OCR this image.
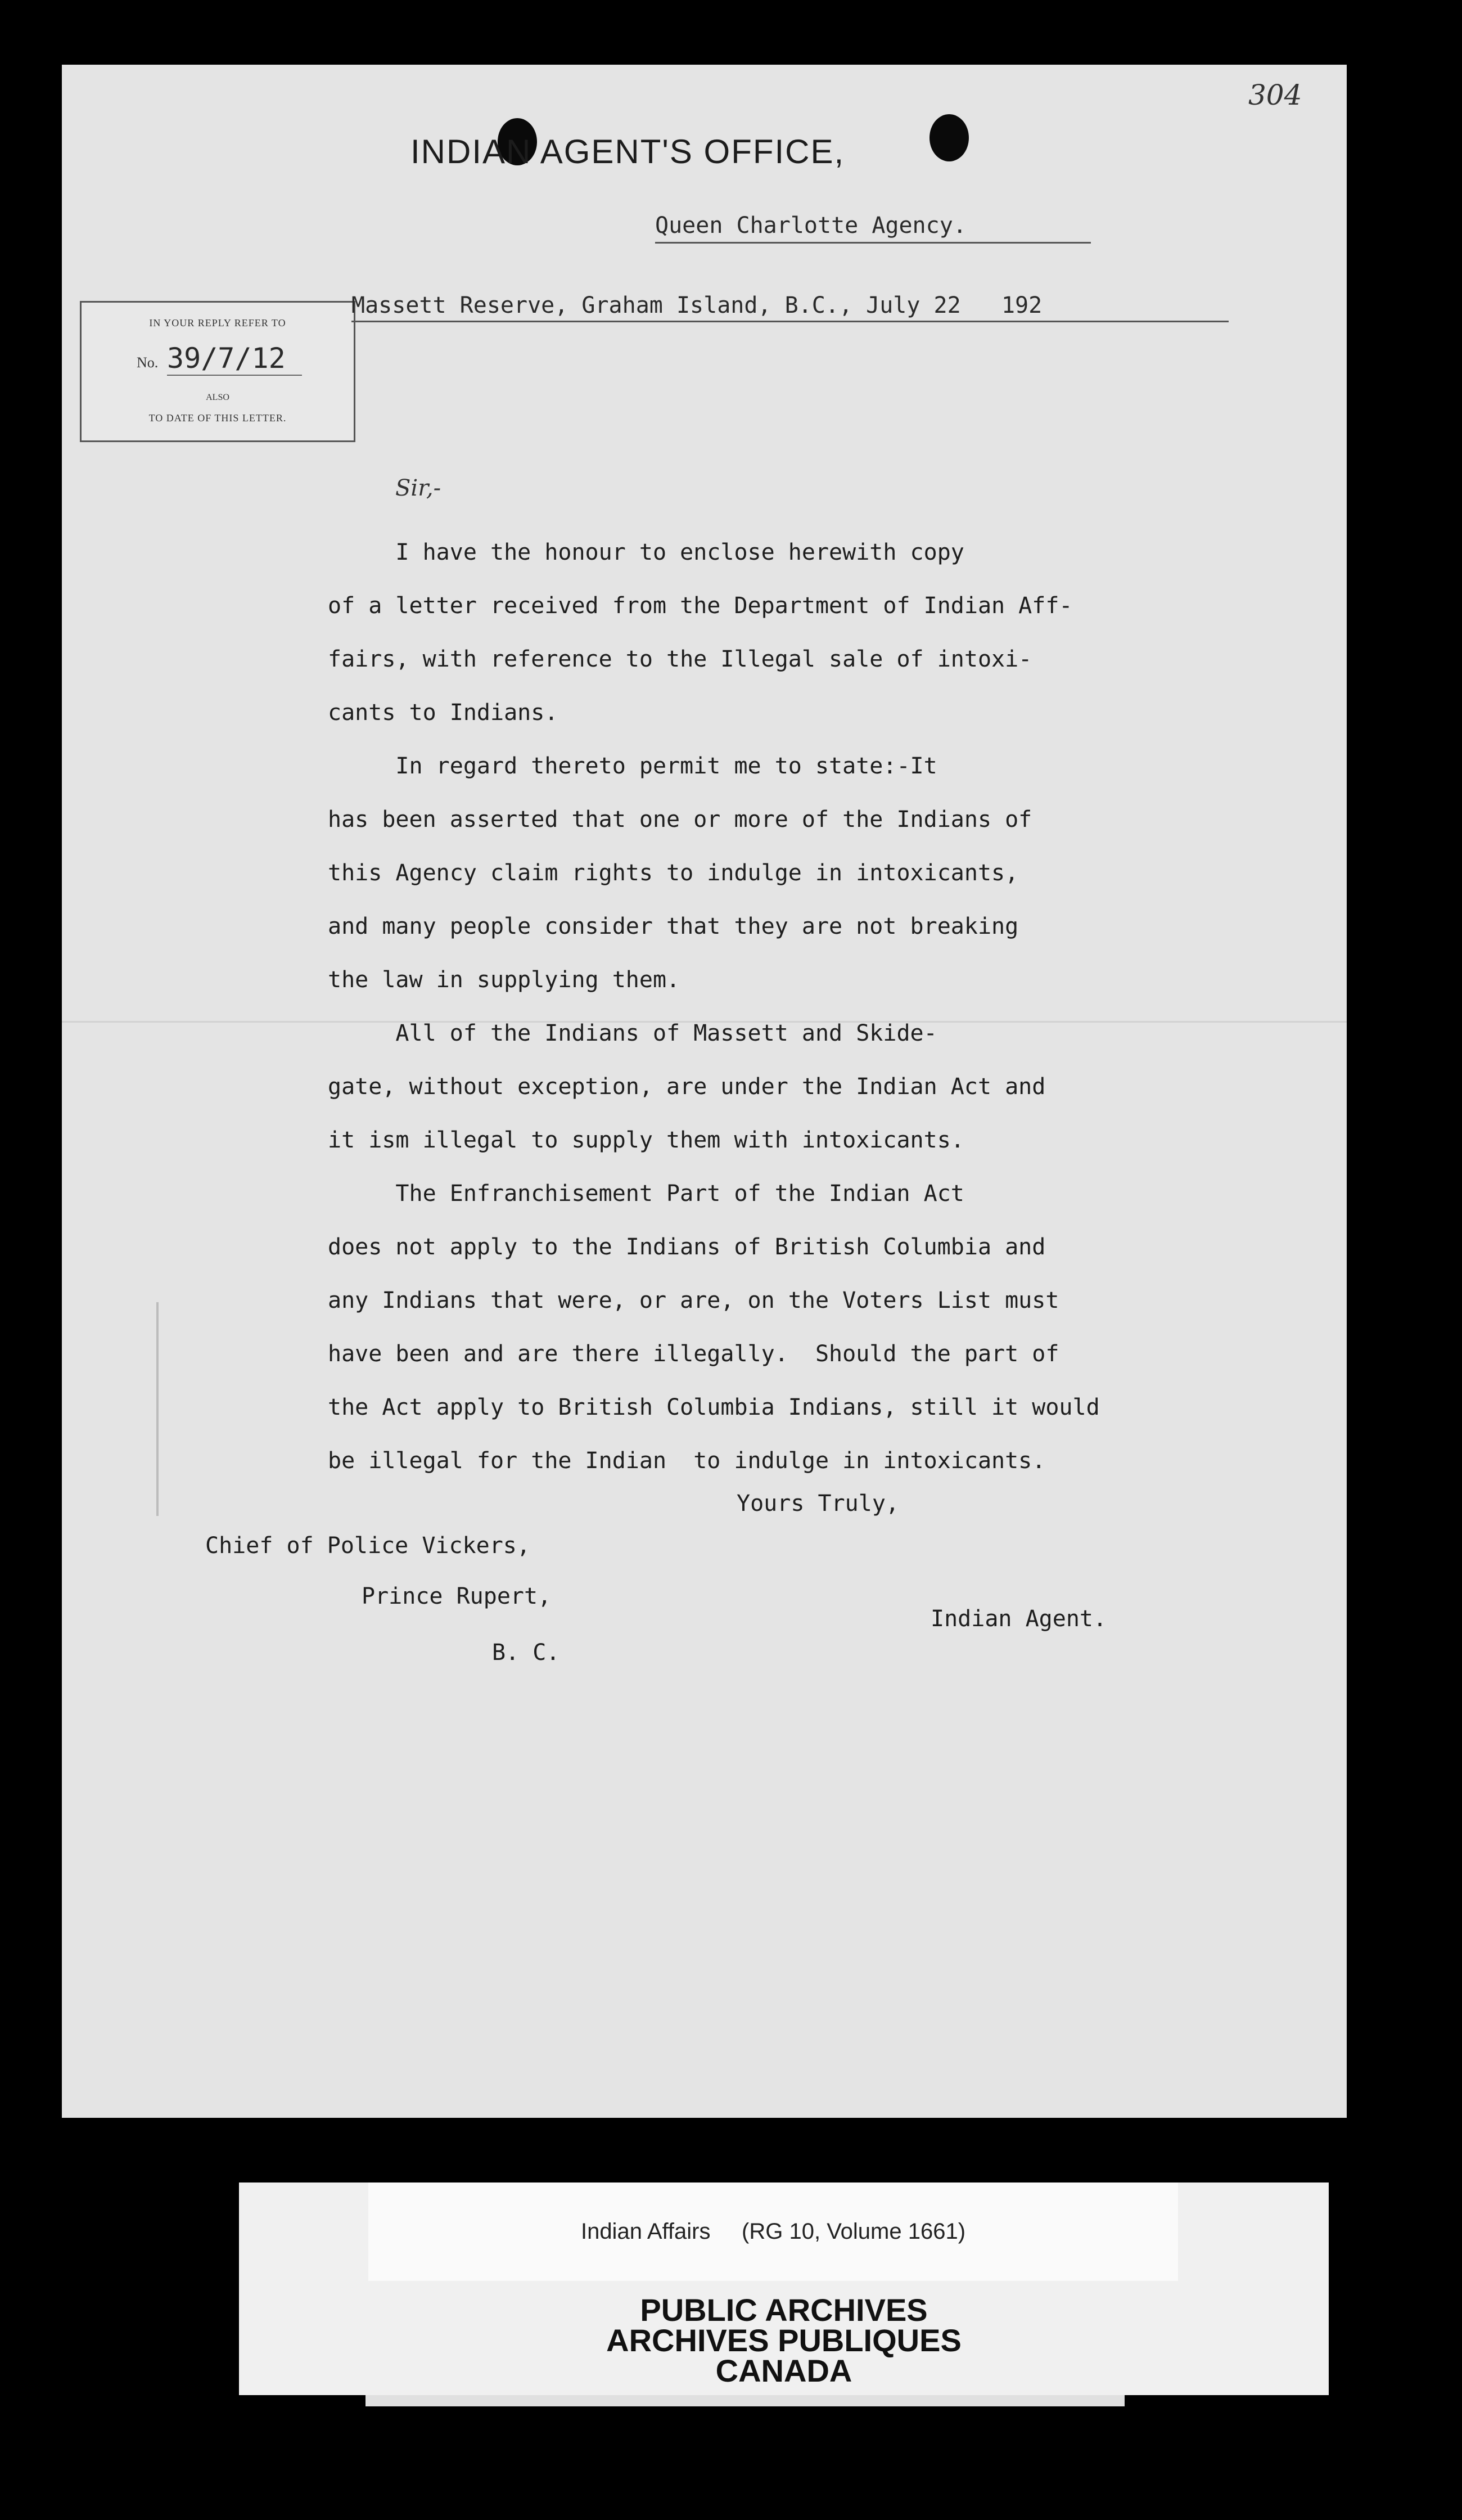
304
INDIAN AGENT'S OFFICE,
Queen Charlotte Agency.
IN YOUR REPLY REFER TO
No. 39/7/12
ALSO
TO DATE OF THIS LETTER.
Massett Reserve, Graham Island, B.C., July 22   192
Sir,-
I have the honour to enclose herewith copy
of a letter received from the Department of Indian Aff-
fairs, with reference to the Illegal sale of intoxi-
cants to Indians.
In regard thereto permit me to state:-It
has been asserted that one or more of the Indians of
this Agency claim rights to indulge in intoxicants,
and many people consider that they are not breaking
the law in supplying them.
All of the Indians of Massett and Skide-
gate, without exception, are under the Indian Act and
it ism illegal to supply them with intoxicants.
The Enfranchisement Part of the Indian Act
does not apply to the Indians of British Columbia and
any Indians that were, or are, on the Voters List must
have been and are there illegally.  Should the part of
the Act apply to British Columbia Indians, still it would
be illegal for the Indian  to indulge in intoxicants.
Yours Truly,
Chief of Police Vickers,
Prince Rupert,
B. C.
Indian Agent.
Indian Affairs     (RG 10, Volume 1661)
PUBLIC ARCHIVES
ARCHIVES PUBLIQUES
CANADA
